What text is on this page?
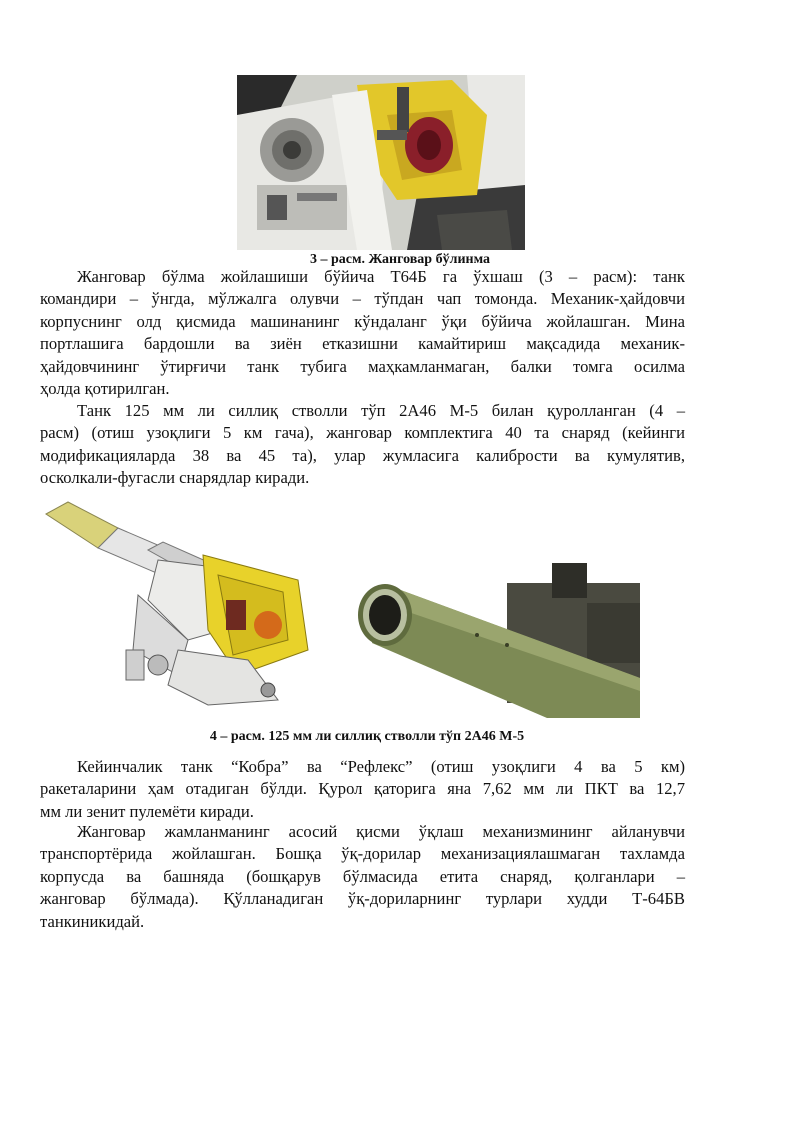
3 – расм. Жанговар бўлинма
Жанговар бўлма жойлашиши бўйича Т64Б га ўхшаш (3 – расм): танк
командири – ўнгда, мўлжалга олувчи – тўпдан чап томонда. Механик-ҳайдовчи
корпуснинг олд қисмида машинанинг кўндаланг ўқи бўйича жойлашган. Мина
портлашига бардошли ва зиён етказишни камайтириш мақсадида механик-
ҳайдовчининг ўтирғичи танк тубига маҳкамланмаган, балки томга осилма
ҳолда қотирилган.
Танк 125 мм ли силлиқ стволли тўп 2А46 М-5 билан қуролланган (4 –
расм) (отиш узоқлиги 5 км гача), жанговар комплектига 40 та снаряд (кейинги
модификацияларда 38 ва 45 та), улар жумласига калибрости ва кумулятив,
осколкали-фугасли снарядлар киради.
4 – расм. 125 мм ли силлиқ стволли тўп 2А46 М-5
Кейинчалик танк “Кобра” ва “Рефлекс” (отиш узоқлиги 4 ва 5 км)
ракеталарини ҳам отадиган бўлди. Қурол қаторига яна 7,62 мм ли ПКТ ва 12,7
мм ли зенит пулемёти киради.
Жанговар жамланманинг асосий қисми ўқлаш механизмининг айланувчи
транспортёрида жойлашган. Бошқа ўқ-дорилар механизациялашмаган тахламда
корпусда ва башняда (бошқарув бўлмасида етита снаряд, қолганлари –
жанговар бўлмада). Қўлланадиган ўқ-дориларнинг турлари худди Т-64БВ
танкиникидай.
